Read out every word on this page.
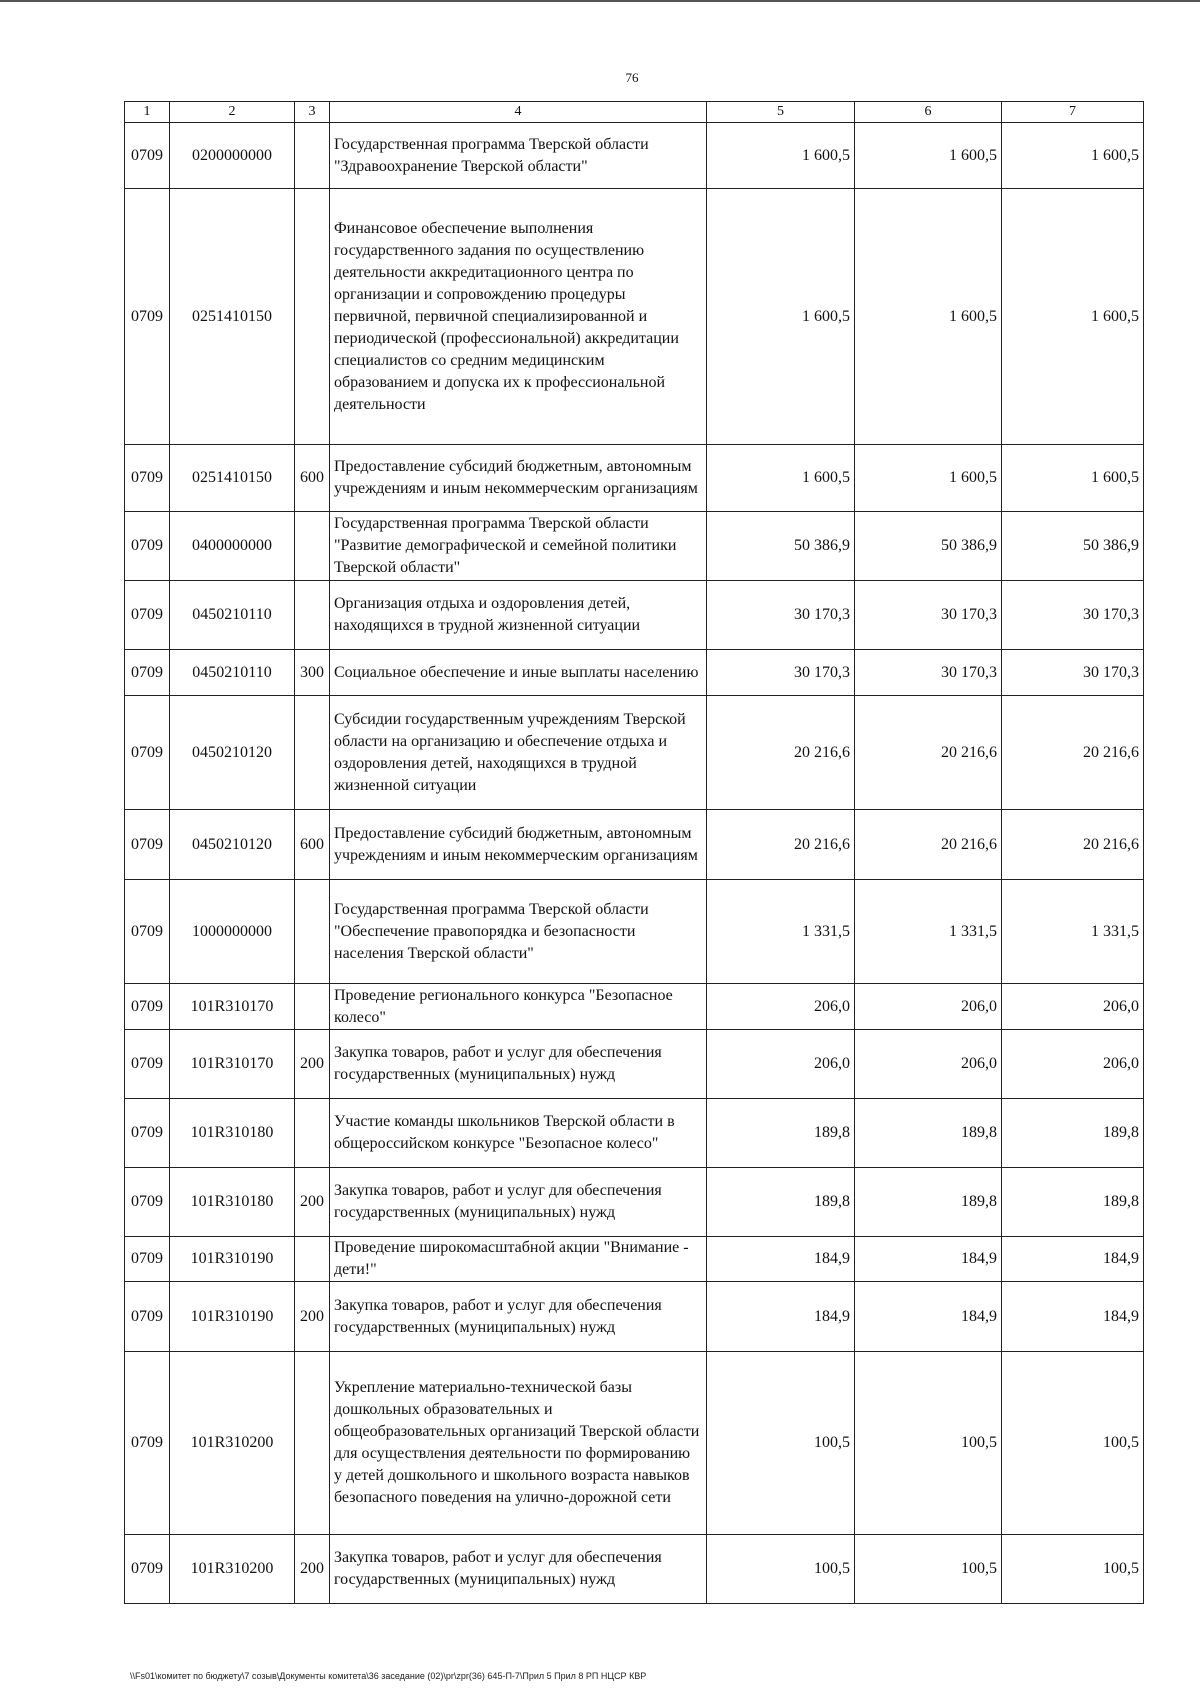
76
1	2	3	4	5	6	7
0709	0200000000		Государственная программа Тверской области "Здравоохранение Тверской области"	1 600,5	1 600,5	1 600,5
0709	0251410150		Финансовое обеспечение выполнения государственного задания по осуществлению деятельности аккредитационного центра по организации и сопровождению процедуры первичной, первичной специализированной и периодической (профессиональной) аккредитации специалистов со средним медицинским образованием и допуска их к профессиональной деятельности	1 600,5	1 600,5	1 600,5
0709	0251410150	600	Предоставление субсидий бюджетным, автономным учреждениям и иным некоммерческим организациям	1 600,5	1 600,5	1 600,5
0709	0400000000		Государственная программа Тверской области "Развитие демографической и семейной политики Тверской области"	50 386,9	50 386,9	50 386,9
0709	0450210110		Организация отдыха и оздоровления детей, находящихся в трудной жизненной ситуации	30 170,3	30 170,3	30 170,3
0709	0450210110	300	Социальное обеспечение и иные выплаты населению	30 170,3	30 170,3	30 170,3
0709	0450210120		Субсидии государственным учреждениям Тверской области на организацию и обеспечение отдыха и оздоровления детей, находящихся в трудной жизненной ситуации	20 216,6	20 216,6	20 216,6
0709	0450210120	600	Предоставление субсидий бюджетным, автономным учреждениям и иным некоммерческим организациям	20 216,6	20 216,6	20 216,6
0709	1000000000		Государственная программа Тверской области "Обеспечение правопорядка и безопасности населения Тверской области"	1 331,5	1 331,5	1 331,5
0709	101R310170		Проведение регионального конкурса "Безопасное колесо"	206,0	206,0	206,0
0709	101R310170	200	Закупка товаров, работ и услуг для обеспечения государственных (муниципальных) нужд	206,0	206,0	206,0
0709	101R310180		Участие команды школьников Тверской области в общероссийском конкурсе "Безопасное колесо"	189,8	189,8	189,8
0709	101R310180	200	Закупка товаров, работ и услуг для обеспечения государственных (муниципальных) нужд	189,8	189,8	189,8
0709	101R310190		Проведение широкомасштабной акции "Внимание - дети!"	184,9	184,9	184,9
0709	101R310190	200	Закупка товаров, работ и услуг для обеспечения государственных (муниципальных) нужд	184,9	184,9	184,9
0709	101R310200		Укрепление материально-технической базы дошкольных образовательных и общеобразовательных организаций Тверской области для осуществления деятельности по формированию у детей дошкольного и школьного возраста навыков безопасного поведения на улично-дорожной сети	100,5	100,5	100,5
0709	101R310200	200	Закупка товаров, работ и услуг для обеспечения государственных (муниципальных) нужд	100,5	100,5	100,5
\\Fs01\комитет по бюджету\7 созыв\Документы комитета\36 заседание (02)\pr\zpr(36) 645-П-7\Прил 5 Прил 8 РП НЦСР КВР
